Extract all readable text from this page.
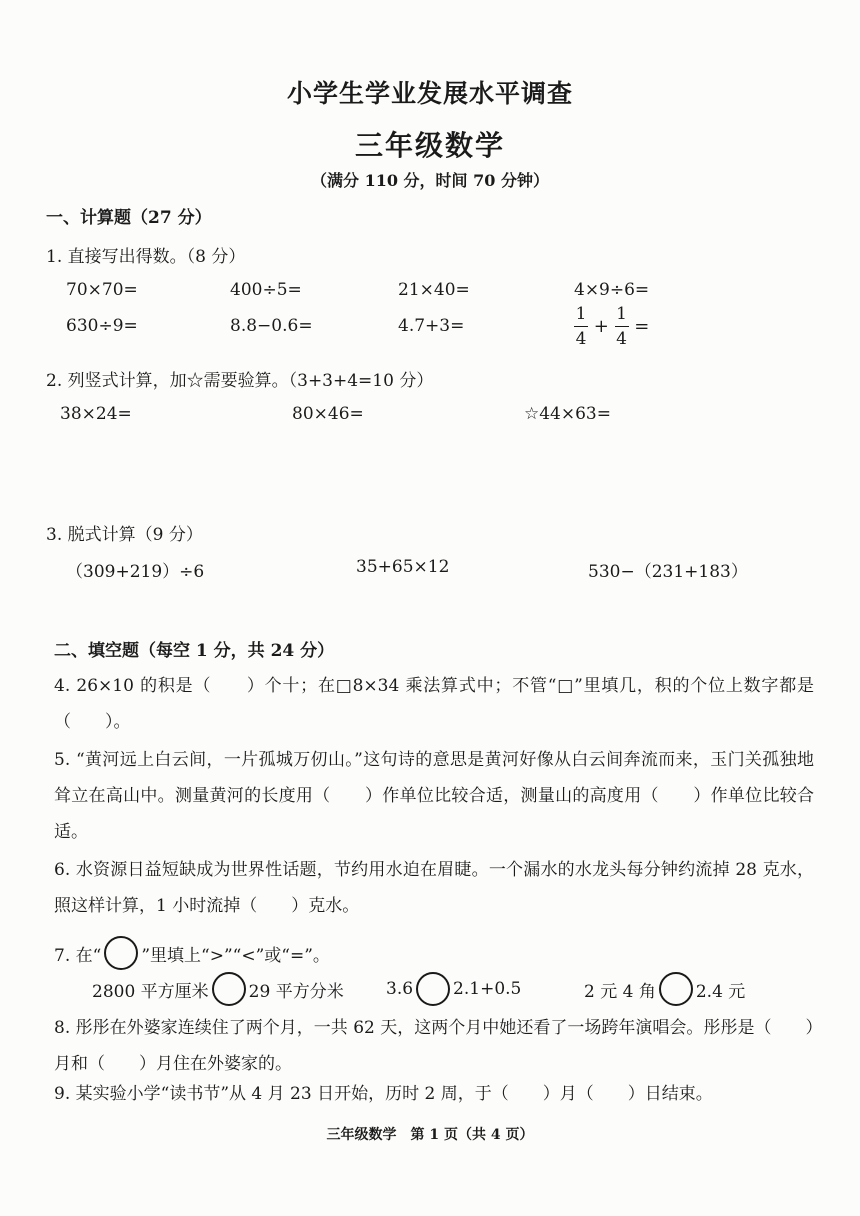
小学生学业发展水平调查
三年级数学
（满分 110 分，时间 70 分钟）
一、计算题（27 分）
1. 直接写出得数。（8 分）
70×70=	400÷5=	21×40=	4×9÷6=
630÷9=	8.8−0.6=	4.7+3=	$\frac{1}{4} + \frac{1}{4}$ =
2. 列竖式计算，加☆需要验算。（3+3+4=10 分）
38×24=	80×46=	☆44×63=
3. 脱式计算（9 分）
（309+219）÷6	35+65×12	530−（231+183）
二、填空题（每空 1 分，共 24 分）
4. 26×10 的积是（　　）个十；在□8×34 乘法算式中；不管“□”里填几，积的个位上数字都是（　　）。
5. “黄河远上白云间，一片孤城万仞山。”这句诗的意思是黄河好像从白云间奔流而来，玉门关孤独地耸立在高山中。测量黄河的长度用（　　）作单位比较合适，测量山的高度用（　　）作单位比较合适。
6. 水资源日益短缺成为世界性话题，节约用水迫在眉睫。一个漏水的水龙头每分钟约流掉 28 克水，照这样计算，1 小时流掉（　　）克水。
7. 在“ ”里填上“>”“<”或“=”。
2800 平方厘米 29 平方分米 3.6 2.1+0.5	2 元 4 角 2.4 元
8. 彤彤在外婆家连续住了两个月，一共 62 天，这两个月中她还看了一场跨年演唱会。彤彤是（　　）月和（　　）月住在外婆家的。
9. 某实验小学“读书节”从 4 月 23 日开始，历时 2 周，于（　　）月（　　）日结束。
三年级数学　第 1 页（共 4 页）
